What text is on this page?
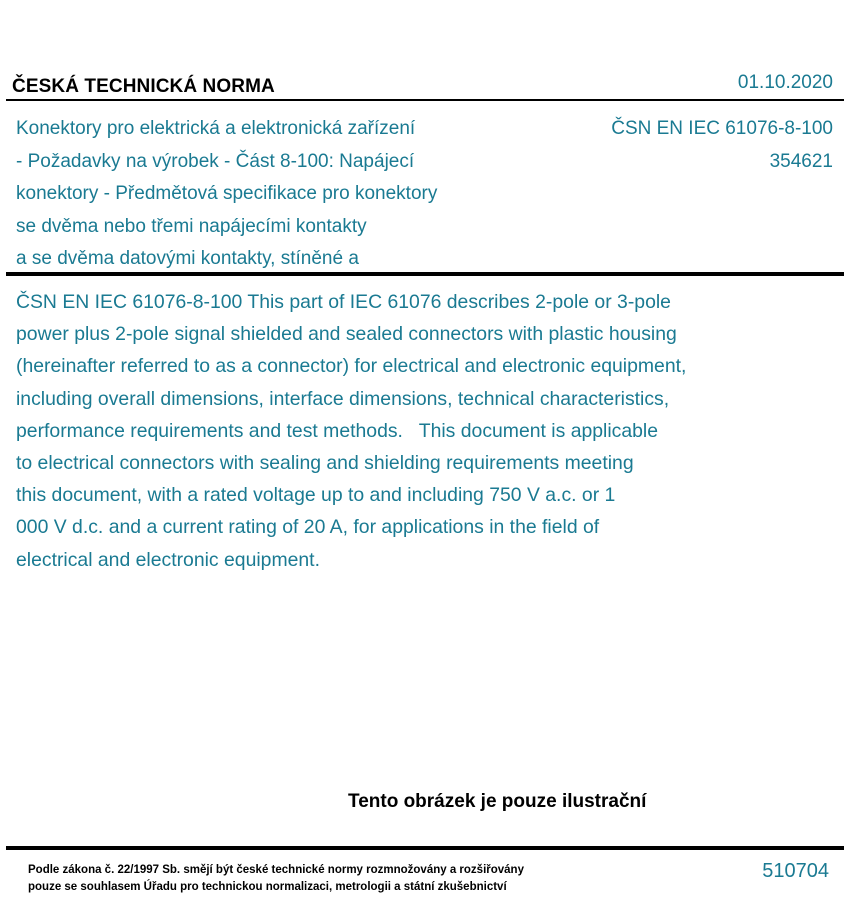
ČESKÁ TECHNICKÁ NORMA	01.10.2020
Konektory pro elektrická a elektronická zařízení
- Požadavky na výrobek - Část 8-100: Napájecí
konektory - Předmětová specifikace pro konektory
se dvěma nebo třemi napájecími kontakty
a se dvěma datovými kontakty, stíněné a
ČSN EN IEC 61076-8-100
354621
ČSN EN IEC 61076-8-100 This part of IEC 61076 describes 2-pole or 3-pole
power plus 2-pole signal shielded and sealed connectors with plastic housing
(hereinafter referred to as a connector) for electrical and electronic equipment,
including overall dimensions, interface dimensions, technical characteristics,
performance requirements and test methods.   This document is applicable
to electrical connectors with sealing and shielding requirements meeting
this document, with a rated voltage up to and including 750 V a.c. or 1
000 V d.c. and a current rating of 20 A, for applications in the field of
electrical and electronic equipment.
Tento obrázek je pouze ilustrační
Podle zákona č. 22/1997 Sb. smějí být české technické normy rozmnožovány a rozšiřovány
pouze se souhlasem Úřadu pro technickou normalizaci, metrologii a státní zkušebnictví
510704
